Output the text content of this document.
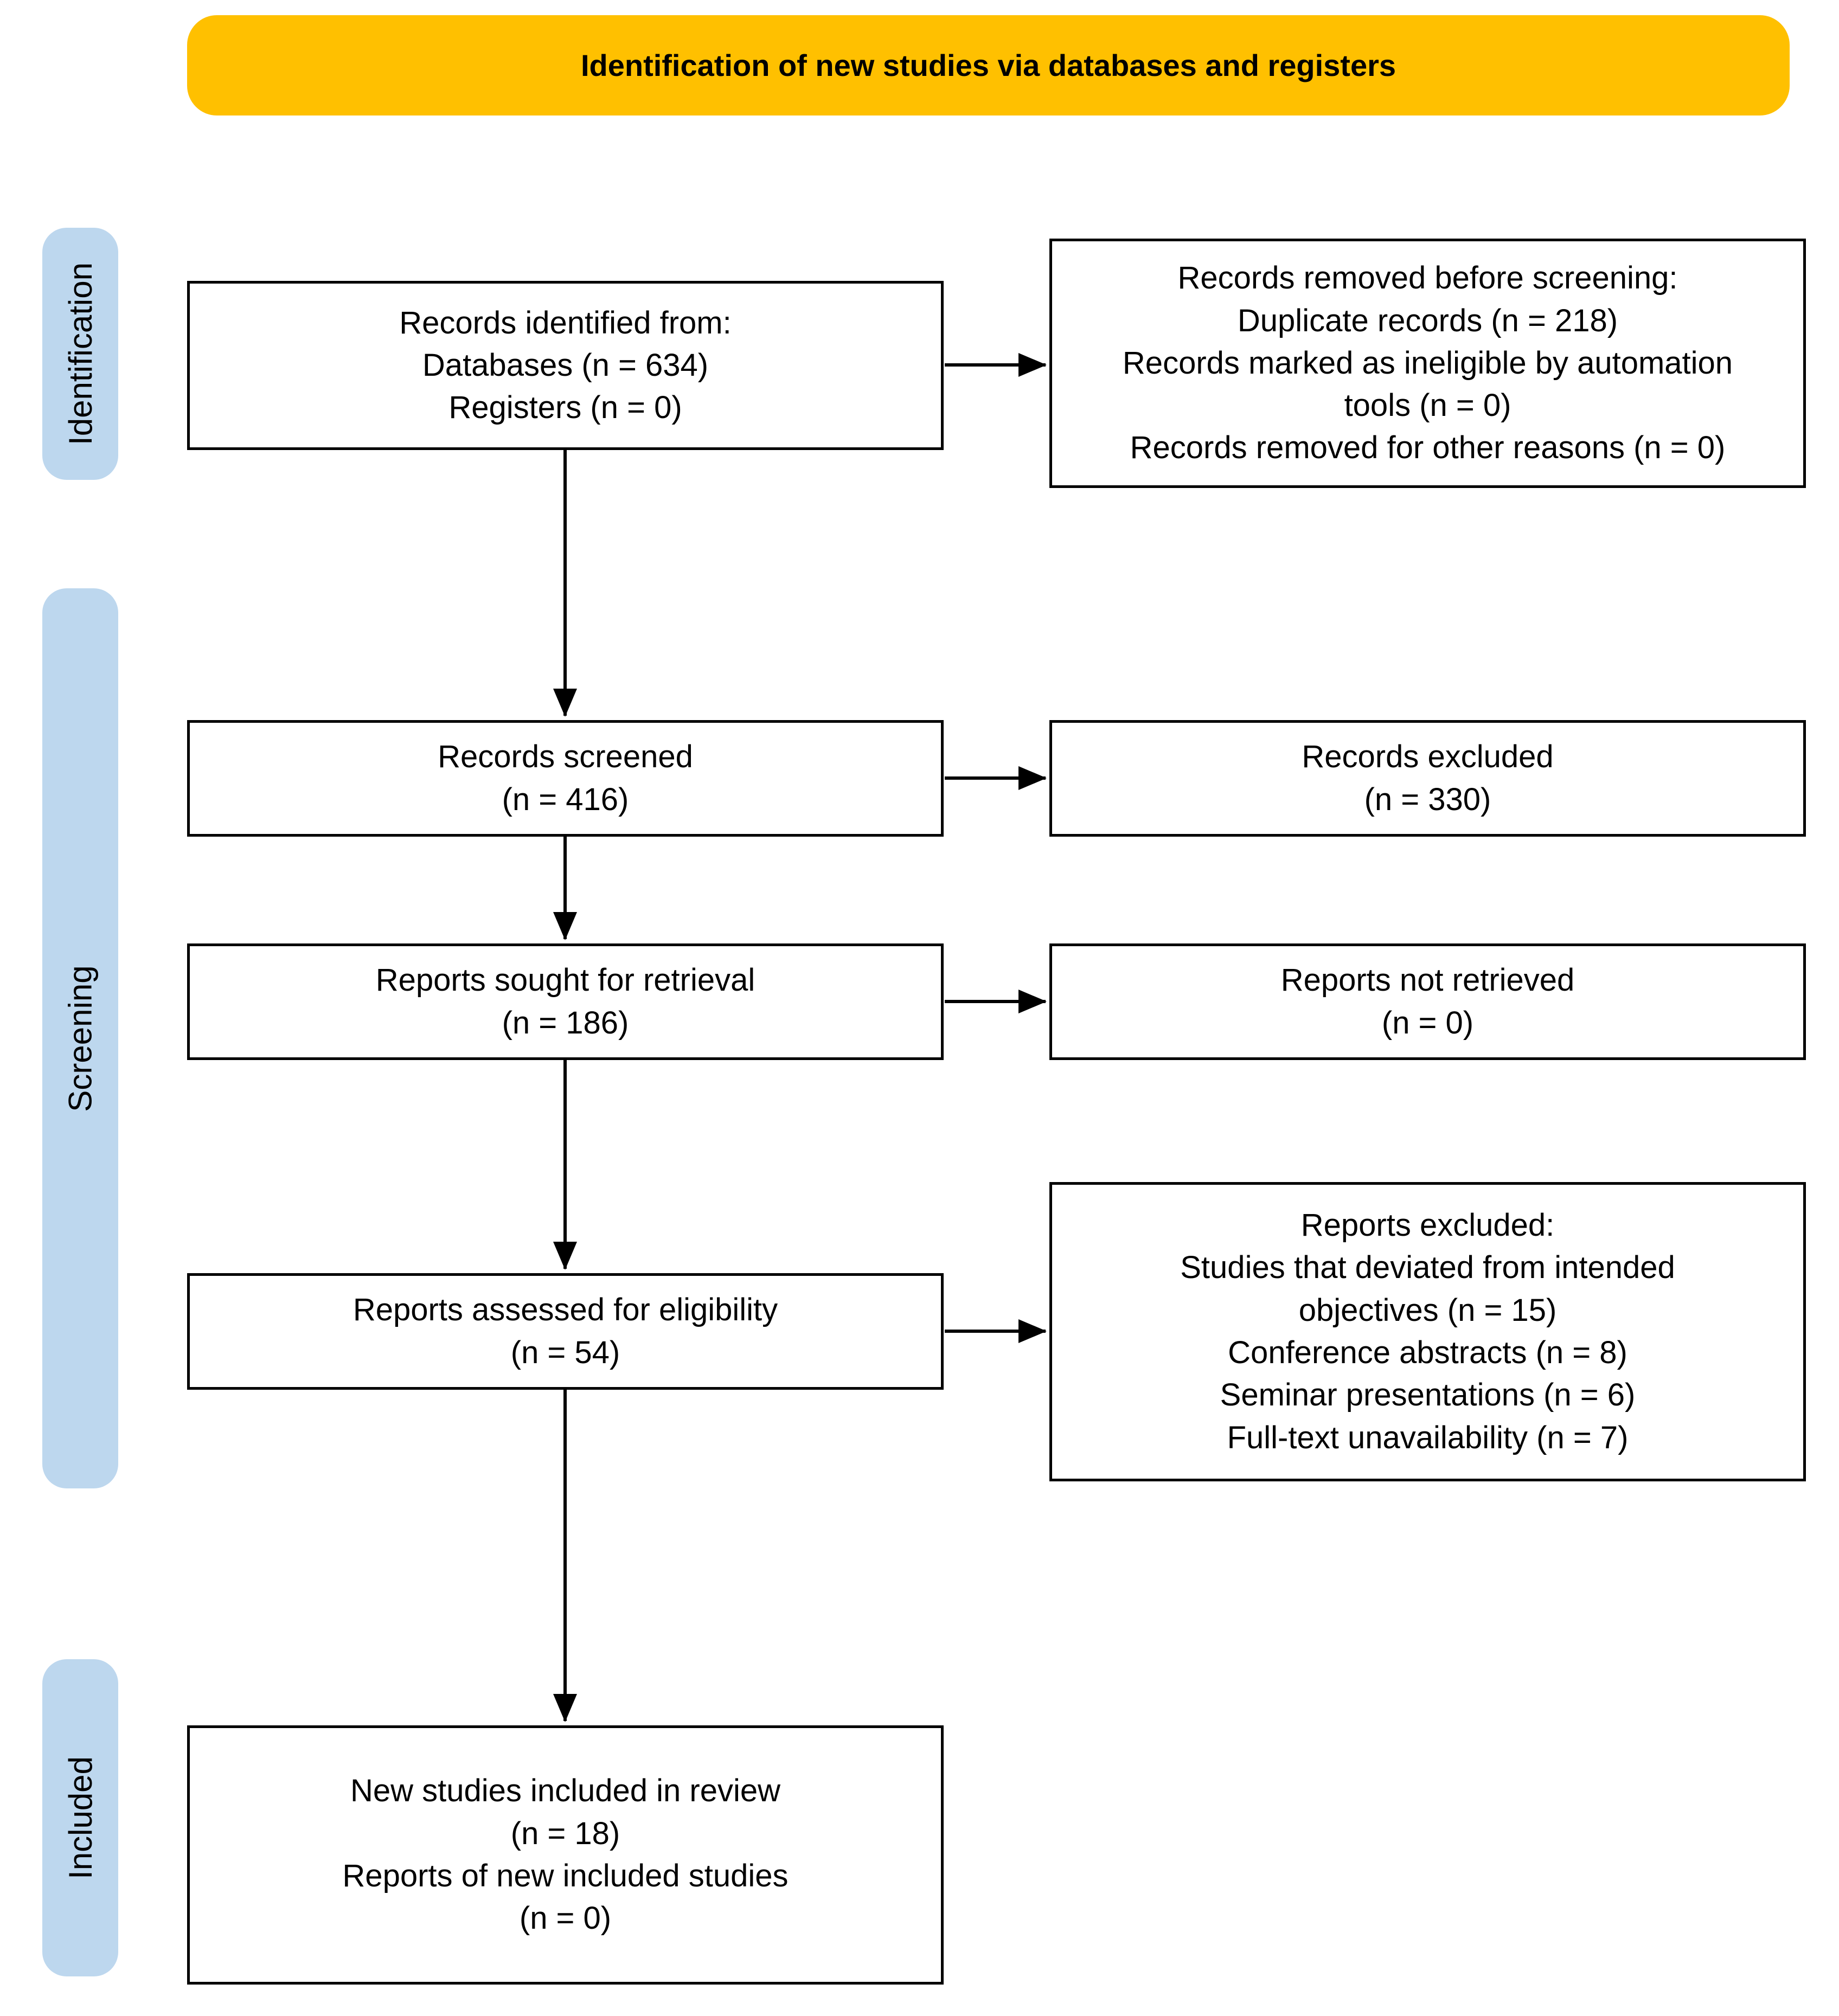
Identification of new studies via databases and registers
Identification
Screening
Included
Records identified from:
Databases (n = 634)
Registers (n = 0)
Records removed before screening:
Duplicate records (n = 218)
Records marked as ineligible by automation
tools (n = 0)
Records removed for other reasons (n = 0)
Records screened
(n = 416)
Records excluded
(n = 330)
Reports sought for retrieval
(n = 186)
Reports not retrieved
(n = 0)
Reports assessed for eligibility
(n = 54)
Reports excluded:
Studies that deviated from intended
objectives (n = 15)
Conference abstracts (n = 8)
Seminar presentations (n = 6)
Full-text unavailability (n = 7)
New studies included in review
(n = 18)
Reports of new included studies
(n = 0)
